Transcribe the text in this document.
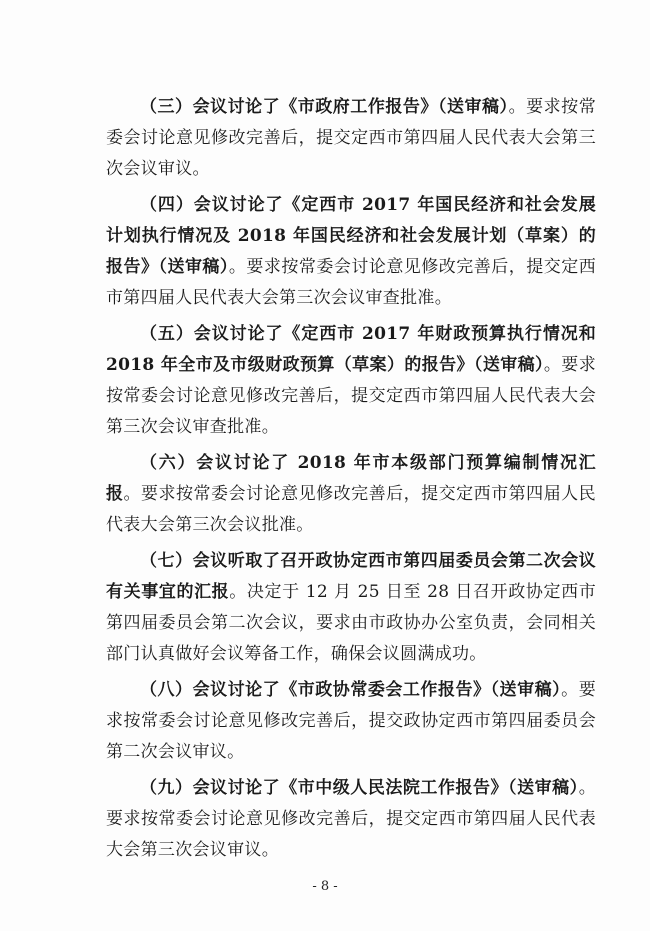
（三）会议讨论了《市政府工作报告》（送审稿）。要求按常委会讨论意见修改完善后，提交定西市第四届人民代表大会第三次会议审议。

（四）会议讨论了《定西市 2017 年国民经济和社会发展计划执行情况及 2018 年国民经济和社会发展计划（草案）的报告》（送审稿）。要求按常委会讨论意见修改完善后，提交定西市第四届人民代表大会第三次会议审查批准。

（五）会议讨论了《定西市 2017 年财政预算执行情况和 2018 年全市及市级财政预算（草案）的报告》（送审稿）。要求按常委会讨论意见修改完善后，提交定西市第四届人民代表大会第三次会议审查批准。

（六）会议讨论了 2018 年市本级部门预算编制情况汇报。要求按常委会讨论意见修改完善后，提交定西市第四届人民代表大会第三次会议批准。

（七）会议听取了召开政协定西市第四届委员会第二次会议有关事宜的汇报。决定于 12 月 25 日至 28 日召开政协定西市第四届委员会第二次会议，要求由市政协办公室负责，会同相关部门认真做好会议筹备工作，确保会议圆满成功。

（八）会议讨论了《市政协常委会工作报告》（送审稿）。要求按常委会讨论意见修改完善后，提交政协定西市第四届委员会第二次会议审议。

（九）会议讨论了《市中级人民法院工作报告》（送审稿）。要求按常委会讨论意见修改完善后，提交定西市第四届人民代表大会第三次会议审议。

- 8 -
